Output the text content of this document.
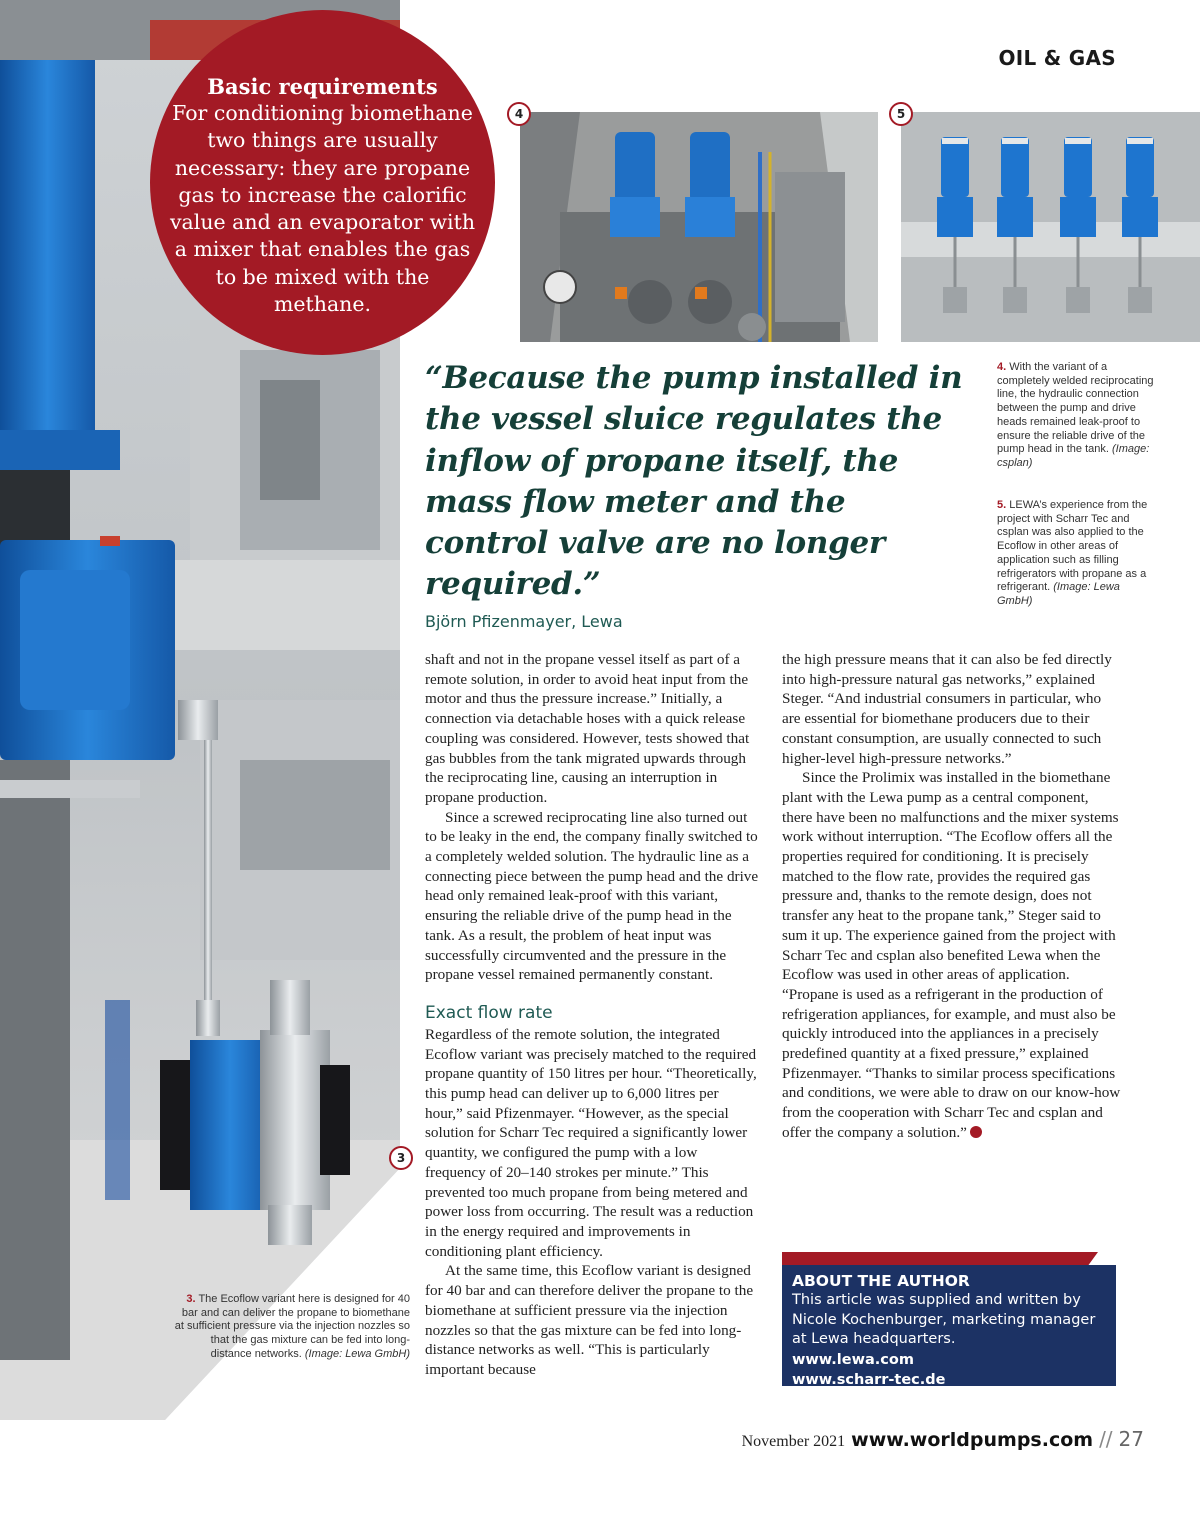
Basic requirements
For conditioning biomethane two things are usually necessary: they are propane gas to increase the calorific value and an evaporator with a mixer that enables the gas to be mixed with the methane.
OIL & GAS
4	5
3
“Because the pump installed in the vessel sluice regulates the inflow of propane itself, the mass flow meter and the control valve are no longer required.”
Björn Pfizenmayer, Lewa
4. With the variant of a completely welded reciprocating line, the hydraulic connection between the pump and drive heads remained leak-proof to ensure the reliable drive of the pump head in the tank. (Image: csplan)
5. LEWA’s experience from the project with Scharr Tec and csplan was also applied to the Ecoflow in other areas of application such as filling refrigerators with propane as a refrigerant. (Image: Lewa GmbH)
3. The Ecoflow variant here is designed for 40 bar and can deliver the propane to biomethane at sufficient pressure via the injection nozzles so that the gas mixture can be fed into long-distance networks. (Image: Lewa GmbH)

shaft and not in the propane vessel itself as part of a remote solution, in order to avoid heat input from the motor and thus the pressure increase.” Initially, a connection via detachable hoses with a quick release coupling was considered. However, tests showed that gas bubbles from the tank migrated upwards through the reciprocating line, causing an interruption in propane production.

Since a screwed reciprocating line also turned out to be leaky in the end, the company finally switched to a completely welded solution. The hydraulic line as a connecting piece between the pump head and the drive head only remained leak-proof with this variant, ensuring the reliable drive of the pump head in the tank. As a result, the problem of heat input was successfully circumvented and the pressure in the propane vessel remained permanently constant.

Exact flow rate

Regardless of the remote solution, the integrated Ecoflow variant was precisely matched to the required propane quantity of 150 litres per hour. “Theoretically, this pump head can deliver up to 6,000 litres per hour,” said Pfizenmayer. “However, as the special solution for Scharr Tec required a significantly lower quantity, we configured the pump with a low frequency of 20–140 strokes per minute.” This prevented too much propane from being metered and power loss from occurring. The result was a reduction in the energy required and improvements in conditioning plant efficiency.

At the same time, this Ecoflow variant is designed for 40 bar and can therefore deliver the propane to the biomethane at sufficient pressure via the injection nozzles so that the gas mixture can be fed into long-distance networks as well. “This is particularly important because

the high pressure means that it can also be fed directly into high-pressure natural gas networks,” explained Steger. “And industrial consumers in particular, who are essential for biomethane producers due to their constant consumption, are usually connected to such higher-level high-pressure networks.”

Since the Prolimix was installed in the biomethane plant with the Lewa pump as a central component, there have been no malfunctions and the mixer systems work without interruption. “The Ecoflow offers all the properties required for conditioning. It is precisely matched to the flow rate, provides the required gas pressure and, thanks to the remote design, does not transfer any heat to the propane tank,” Steger said to sum it up. The experience gained from the project with Scharr Tec and csplan also benefited Lewa when the Ecoflow was used in other areas of application. “Propane is used as a refrigerant in the production of refrigeration appliances, for example, and must also be quickly introduced into the appliances in a precisely predefined quantity at a fixed pressure,” explained Pfizenmayer. “Thanks to similar process specifications and conditions, we were able to draw on our know-how from the cooperation with Scharr Tec and csplan and offer the company a solution.”

ABOUT THE AUTHOR
This article was supplied and written by Nicole Kochenburger, marketing manager at Lewa headquarters.
www.lewa.com
www.scharr-tec.de
www.csplan.de
November 2021 www.worldpumps.com // 27
